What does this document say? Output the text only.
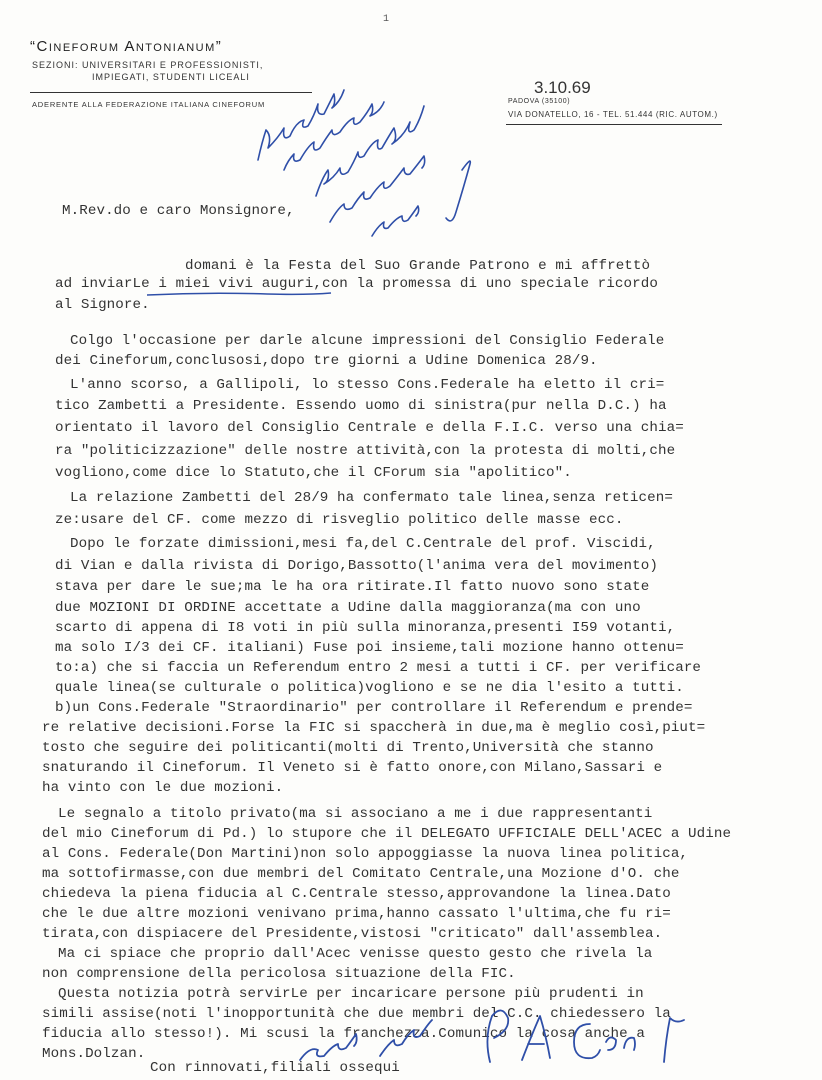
1
“Cineforum Antonianum”
SEZIONI: UNIVERSITARI E PROFESSIONISTI,
IMPIEGATI, STUDENTI LICEALI
ADERENTE ALLA FEDERAZIONE ITALIANA CINEFORUM
3.10.69
PADOVA (35100)
VIA DONATELLO, 16 - TEL. 51.444 (RIC. AUTOM.)
M.Rev.do e caro Monsignore,
domani è la Festa del Suo Grande Patrono e mi affrettò
ad inviarLe i miei vivi auguri,con la promessa di uno speciale ricordo
al Signore.
Colgo l'occasione per darle alcune impressioni del Consiglio Federale
dei Cineforum,conclusosi,dopo tre giorni a Udine Domenica 28/9.
L'anno scorso, a Gallipoli, lo stesso Cons.Federale ha eletto il cri=
tico Zambetti a Presidente. Essendo uomo di sinistra(pur nella D.C.) ha
orientato il lavoro del Consiglio Centrale e della F.I.C. verso una chia=
ra "politicizzazione" delle nostre attività,con la protesta di molti,che
vogliono,come dice lo Statuto,che il CForum sia "apolitico".
La relazione Zambetti del 28/9 ha confermato tale linea,senza reticen=
ze:usare del CF. come mezzo di risveglio politico delle masse ecc.
Dopo le forzate dimissioni,mesi fa,del C.Centrale del prof. Viscidi,
di Vian e dalla rivista di Dorigo,Bassotto(l'anima vera del movimento)
stava per dare le sue;ma le ha ora ritirate.Il fatto nuovo sono state
due MOZIONI DI ORDINE accettate a Udine dalla maggioranza(ma con uno
scarto di appena di I8 voti in più sulla minoranza,presenti I59 votanti,
ma solo I/3 dei CF. italiani) Fuse poi insieme,tali mozione hanno ottenu=
to:a) che si faccia un Referendum entro 2 mesi a tutti i CF. per verificare
quale linea(se culturale o politica)vogliono e se ne dia l'esito a tutti.
b)un Cons.Federale "Straordinario" per controllare il Referendum e prende=
re relative decisioni.Forse la FIC si spaccherà in due,ma è meglio così,piut=
tosto che seguire dei politicanti(molti di Trento,Università che stanno
snaturando il Cineforum. Il Veneto si è fatto onore,con Milano,Sassari e
ha vinto con le due mozioni.
Le segnalo a titolo privato(ma si associano a me i due rappresentanti
del mio Cineforum di Pd.) lo stupore che il DELEGATO UFFICIALE DELL'ACEC a Udine
al Cons. Federale(Don Martini)non solo appoggiasse la nuova linea politica,
ma sottofirmasse,con due membri del Comitato Centrale,una Mozione d'O. che
chiedeva la piena fiducia al C.Centrale stesso,approvandone la linea.Dato
che le due altre mozioni venivano prima,hanno cassato l'ultima,che fu ri=
tirata,con dispiacere del Presidente,vistosi "criticato" dall'assemblea.
Ma ci spiace che proprio dall'Acec venisse questo gesto che rivela la
non comprensione della pericolosa situazione della FIC.
Questa notizia potrà servirLe per incaricare persone più prudenti in
simili assise(noti l'inopportunità che due membri del C.C. chiedessero la
fiducia allo stesso!). Mi scusi la franchezza.Comunico la cosa anche a
Mons.Dolzan.
Con rinnovati,filiali ossequi
